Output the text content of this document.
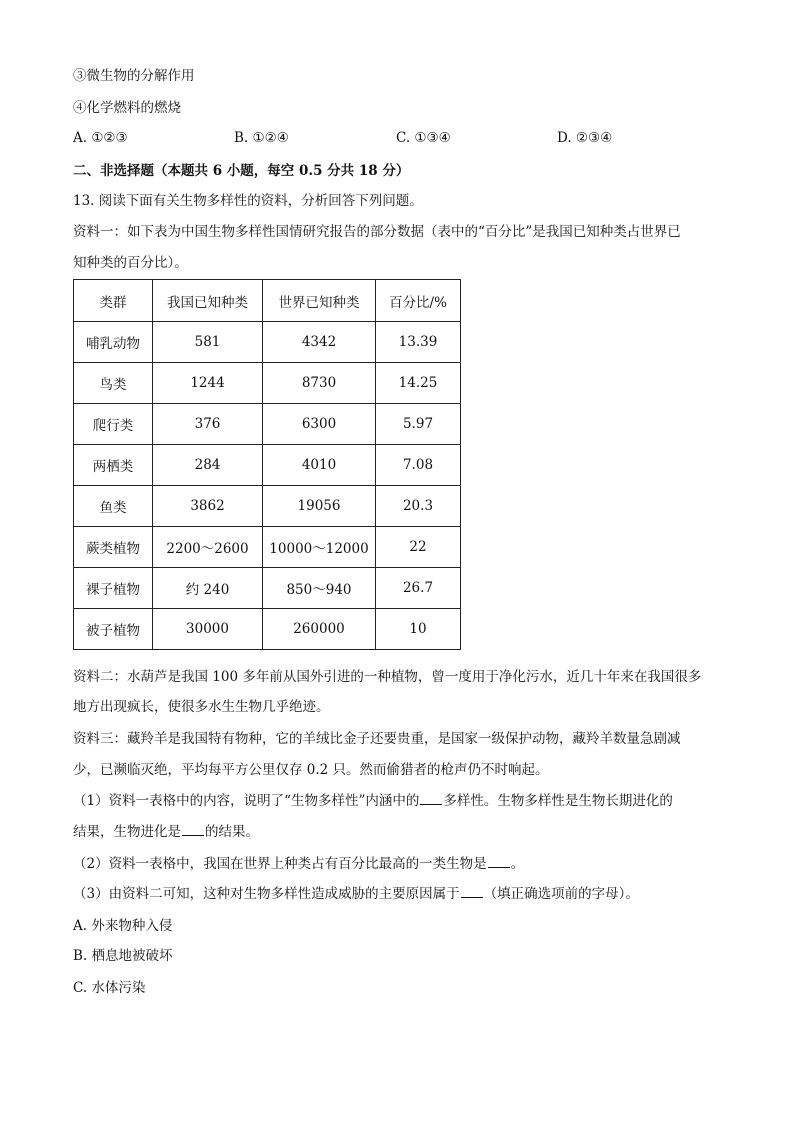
③微生物的分解作用
④化学燃料的燃烧
A. ①②③	B. ①②④	C. ①③④	D. ②③④
二、非选择题（本题共 6 小题，每空 0.5 分共 18 分）
13. 阅读下面有关生物多样性的资料，分析回答下列问题。
资料一：如下表为中国生物多样性国情研究报告的部分数据（表中的“百分比”是我国已知种类占世界已
知种类的百分比）。
类群	我国已知种类	世界已知种类	百分比/%
哺乳动物	581	4342	13.39
鸟类	1244	8730	14.25
爬行类	376	6300	5.97
两栖类	284	4010	7.08
鱼类	3862	19056	20.3
蕨类植物	2200～2600	10000～12000	22
裸子植物	约 240	850～940	26.7
被子植物	30000	260000	10
资料二：水葫芦是我国 100 多年前从国外引进的一种植物，曾一度用于净化污水，近几十年来在我国很多
地方出现疯长，使很多水生生物几乎绝迹。
资料三：藏羚羊是我国特有物种，它的羊绒比金子还要贵重，是国家一级保护动物，藏羚羊数量急剧减
少，已濒临灭绝，平均每平方公里仅存 0.2 只。然而偷猎者的枪声仍不时响起。
（1）资料一表格中的内容，说明了“生物多样性”内涵中的 多样性。生物多样性是生物长期进化的
结果，生物进化是 的结果。
（2）资料一表格中，我国在世界上种类占有百分比最高的一类生物是 。
（3）由资料二可知，这种对生物多样性造成威胁的主要原因属于 （填正确选项前的字母）。
A. 外来物种入侵
B. 栖息地被破坏
C. 水体污染
